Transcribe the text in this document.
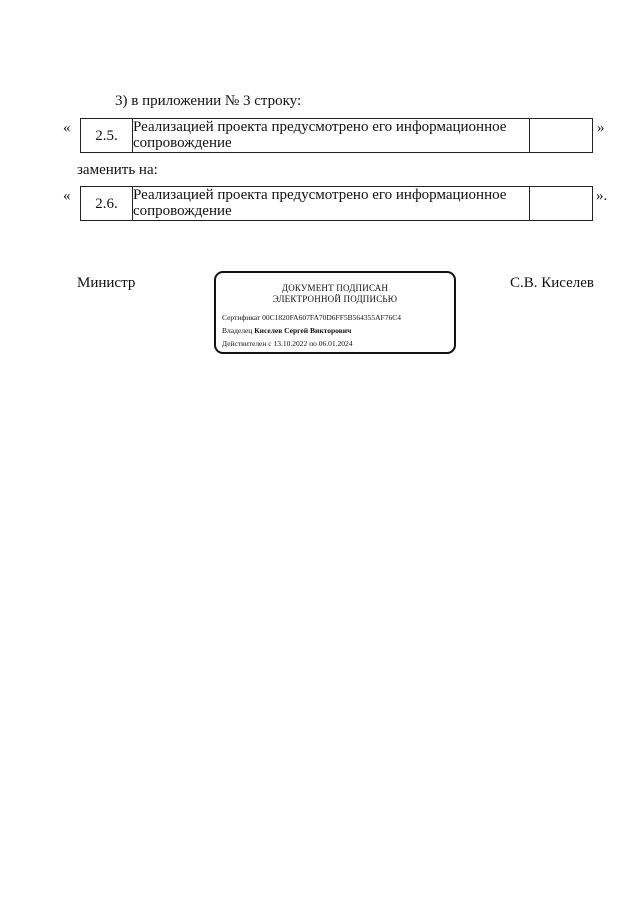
3) в приложении № 3 строку:
« 2.5.	Реализацией проекта предусмотрено его информационное сопровождение	
»
заменить на:
« 2.6.	Реализацией проекта предусмотрено его информационное сопровождение	
».
Министр	ДОКУМЕНТ ПОДПИСАН
ЭЛЕКТРОННОЙ ПОДПИСЬЮ
Сертификат 00C1820FA607FA70D6FF5B564355AF76C4
Владелец Киселев Сергей Викторович
Действителен с 13.10.2022 по 06.01.2024
С.В. Киселев
